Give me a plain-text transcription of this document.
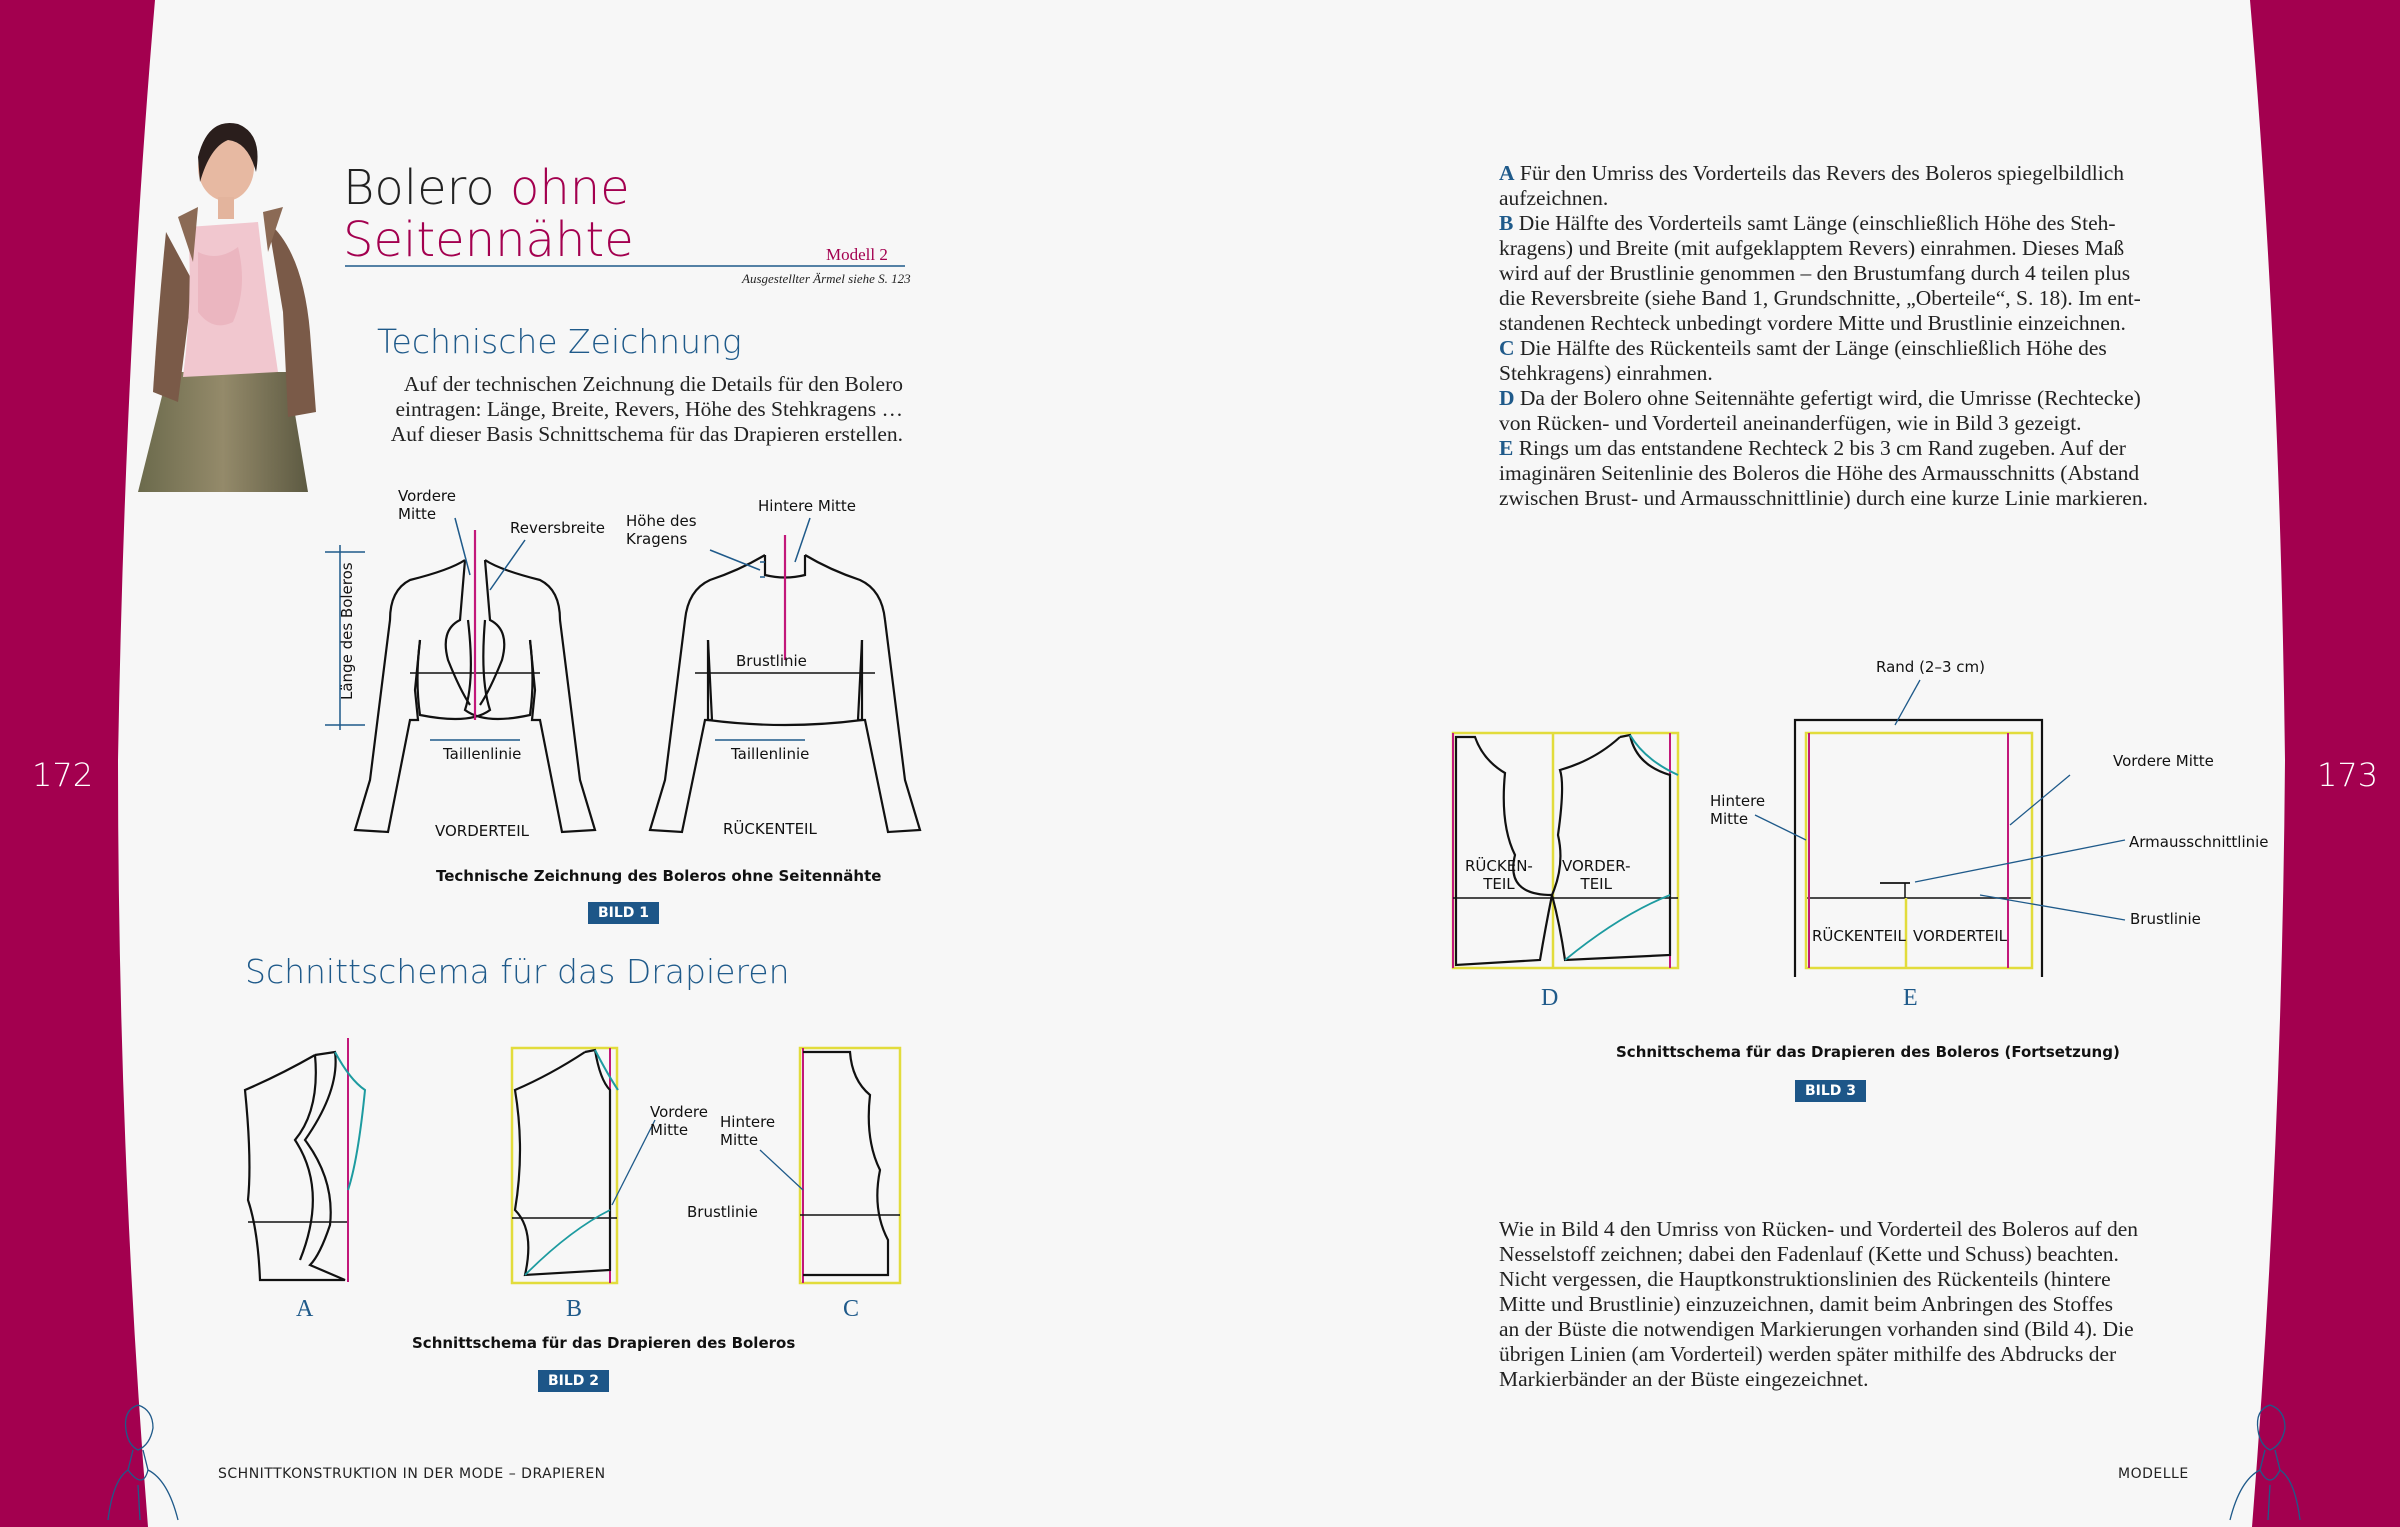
172
Bolero ohne
Seitennähte	Modell 2
Ausgestellter Ärmel siehe S. 123
Technische Zeichnung
Auf der technischen Zeichnung die Details für den Bolero
eintragen: Länge, Breite, Revers, Höhe des Stehkragens …
Auf dieser Basis Schnittschema für das Drapieren erstellen.
Vordere
Mitte
Reversbreite Höhe des
Kragens
Hintere Mitte
Länge des Boleros	Brustlinie
Taillenlinie	Taillenlinie
VORDERTEIL	RÜCKENTEIL
Technische Zeichnung des Boleros ohne Seitennähte
BILD 1
Schnittschema für das Drapieren
Vordere
Mitte	Hintere
Mitte
Brustlinie
A	B	C
Schnittschema für das Drapieren des Boleros
BILD 2
SCHNITTKONSTRUKTION IN DER MODE – DRAPIEREN
173
A Für den Umriss des Vorderteils das Revers des Boleros spiegelbildlich
aufzeichnen.
B Die Hälfte des Vorderteils samt Länge (einschließlich Höhe des Steh-
kragens) und Breite (mit aufgeklapptem Revers) einrahmen. Dieses Maß
wird auf der Brustlinie genommen – den Brustumfang durch 4 teilen plus
die Reversbreite (siehe Band 1, Grundschnitte, „Oberteile“, S. 18). Im ent-
standenen Rechteck unbedingt vordere Mitte und Brustlinie einzeichnen.
C Die Hälfte des Rückenteils samt der Länge (einschließlich Höhe des
Stehkragens) einrahmen.
D Da der Bolero ohne Seitennähte gefertigt wird, die Umrisse (Rechtecke)
von Rücken- und Vorderteil aneinanderfügen, wie in Bild 3 gezeigt.
E Rings um das entstandene Rechteck 2 bis 3 cm Rand zugeben. Auf der
imaginären Seitenlinie des Boleros die Höhe des Armausschnitts (Abstand
zwischen Brust- und Armausschnittlinie) durch eine kurze Linie markieren.
RÜCKEN-
TEIL
VORDER-
TEIL
Hintere
Mitte
Rand (2–3 cm)
Vordere Mitte
Armausschnittlinie
Brustlinie
RÜCKENTEIL VORDERTEIL
D	E
Schnittschema für das Drapieren des Boleros (Fortsetzung)
BILD 3
Wie in Bild 4 den Umriss von Rücken- und Vorderteil des Boleros auf den
Nesselstoff zeichnen; dabei den Fadenlauf (Kette und Schuss) beachten.
Nicht vergessen, die Hauptkonstruktionslinien des Rückenteils (hintere
Mitte und Brustlinie) einzuzeichnen, damit beim Anbringen des Stoffes
an der Büste die notwendigen Markierungen vorhanden sind (Bild 4). Die
übrigen Linien (am Vorderteil) werden später mithilfe des Abdrucks der
Markierbänder an der Büste eingezeichnet.
MODELLE
